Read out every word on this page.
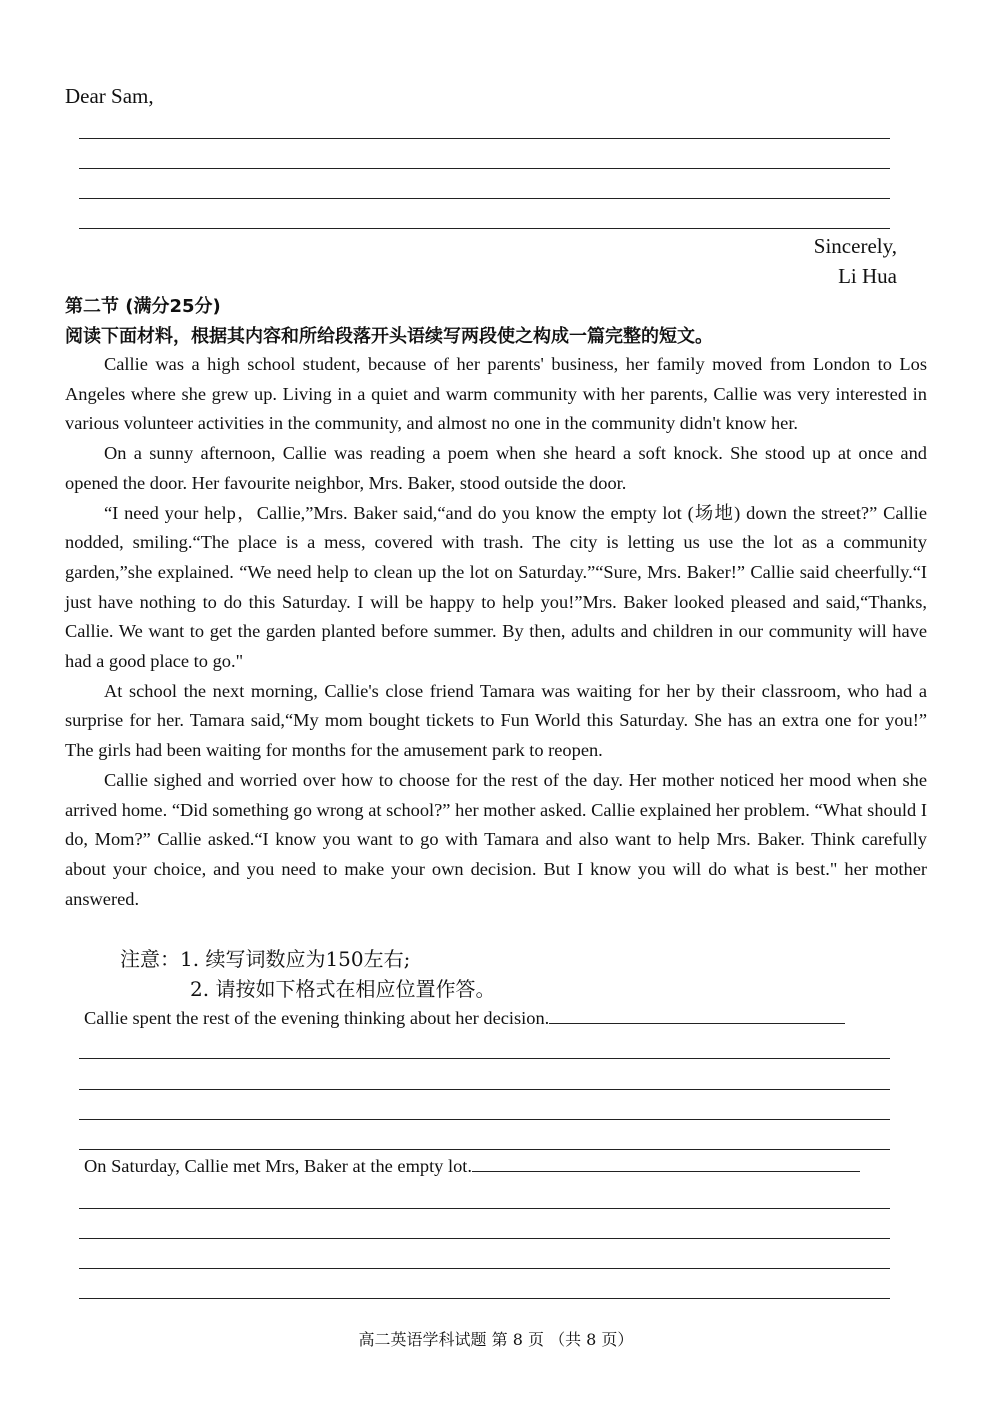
Dear Sam,
Sincerely,
Li Hua
第二节 (满分25分)
阅读下面材料，根据其内容和所给段落开头语续写两段使之构成一篇完整的短文。

Callie was a high school student, because of her parents' business, her family moved from London to Los Angeles where she grew up. Living in a quiet and warm community with her parents, Callie was very interested in various volunteer activities in the community, and almost no one in the community didn't know her.

On a sunny afternoon, Callie was reading a poem when she heard a soft knock. She stood up at once and opened the door. Her favourite neighbor, Mrs. Baker, stood outside the door.

“I need your help，Callie,”Mrs. Baker said,“and do you know the empty lot (场地) down the street?” Callie nodded, smiling.“The place is a mess, covered with trash. The city is letting us use the lot as a community garden,”she explained. “We need help to clean up the lot on Saturday.”“Sure, Mrs. Baker!” Callie said cheerfully.“I just have nothing to do this Saturday. I will be happy to help you!”Mrs. Baker looked pleased and said,“Thanks, Callie. We want to get the garden planted before summer. By then, adults and children in our community will have had a good place to go."

At school the next morning, Callie's close friend Tamara was waiting for her by their classroom, who had a surprise for her. Tamara said,“My mom bought tickets to Fun World this Saturday. She has an extra one for you!” The girls had been waiting for months for the amusement park to reopen.

Callie sighed and worried over how to choose for the rest of the day. Her mother noticed her mood when she arrived home. “Did something go wrong at school?” her mother asked. Callie explained her problem. “What should I do, Mom?” Callie asked.“I know you want to go with Tamara and also want to help Mrs. Baker. Think carefully about your choice, and you need to make your own decision. But I know you will do what is best." her mother answered.

注意：1. 续写词数应为150左右;
2. 请按如下格式在相应位置作答。
Callie spent the rest of the evening thinking about her decision.
On Saturday, Callie met Mrs, Baker at the empty lot.
高二英语学科试题 第 8 页 （共 8 页）
